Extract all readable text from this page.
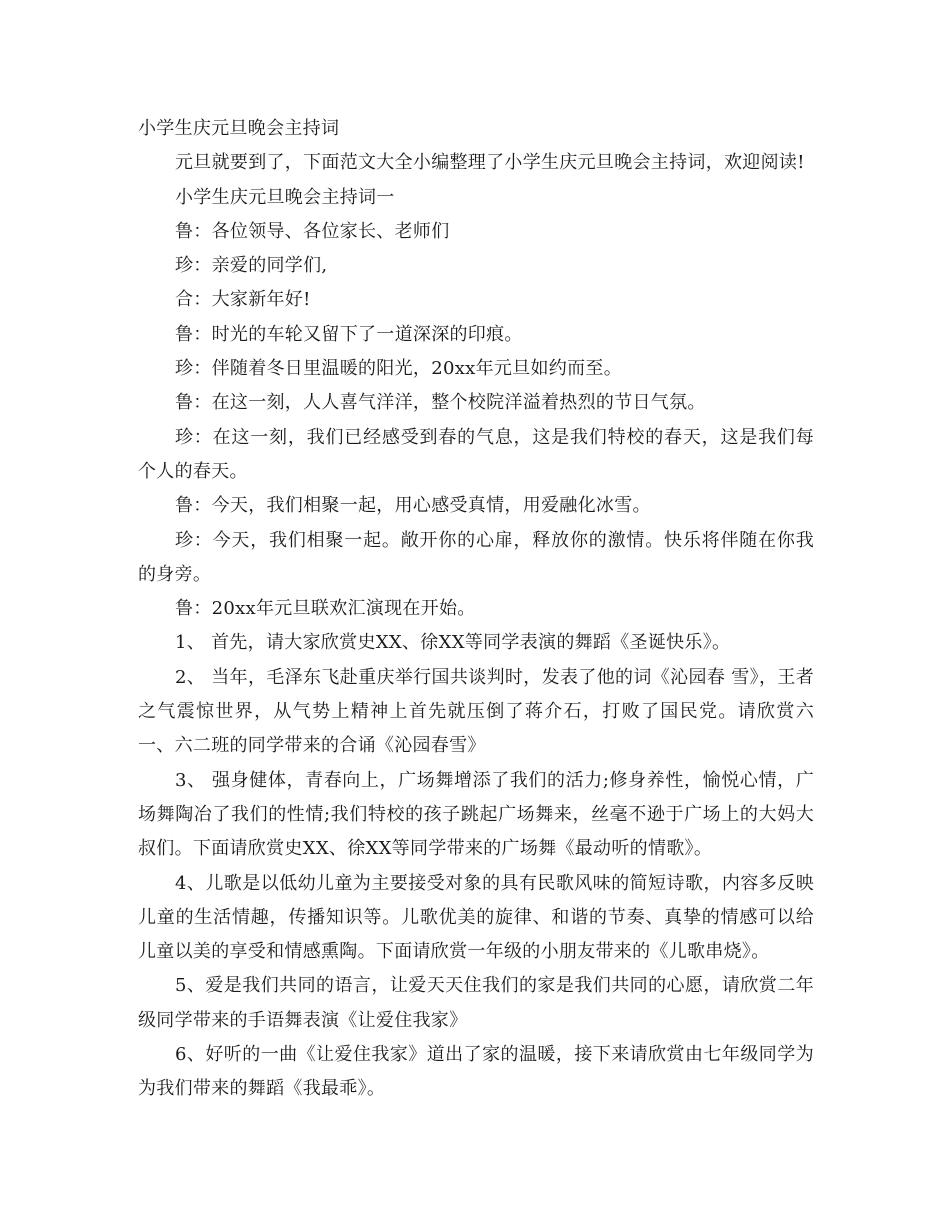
小学生庆元旦晚会主持词

元旦就要到了，下面范文大全小编整理了小学生庆元旦晚会主持词，欢迎阅读!

小学生庆元旦晚会主持词一

鲁：各位领导、各位家长、老师们

珍：亲爱的同学们,

合：大家新年好!

鲁：时光的车轮又留下了一道深深的印痕。

珍：伴随着冬日里温暖的阳光，20xx年元旦如约而至。

鲁：在这一刻，人人喜气洋洋，整个校院洋溢着热烈的节日气氛。

珍：在这一刻，我们已经感受到春的气息，这是我们特校的春天，这是我们每个人的春天。

鲁：今天，我们相聚一起，用心感受真情，用爱融化冰雪。

珍：今天，我们相聚一起。敞开你的心扉，释放你的激情。快乐将伴随在你我的身旁。

鲁：20xx年元旦联欢汇演现在开始。

1、 首先，请大家欣赏史XX、徐XX等同学表演的舞蹈《圣诞快乐》。

2、 当年，毛泽东飞赴重庆举行国共谈判时，发表了他的词《沁园春 雪》，王者之气震惊世界，从气势上精神上首先就压倒了蒋介石，打败了国民党。请欣赏六一、六二班的同学带来的合诵《沁园春雪》

3、 强身健体，青春向上，广场舞增添了我们的活力;修身养性，愉悦心情，广场舞陶冶了我们的性情;我们特校的孩子跳起广场舞来，丝毫不逊于广场上的大妈大叔们。下面请欣赏史XX、徐XX等同学带来的广场舞《最动听的情歌》。

4、儿歌是以低幼儿童为主要接受对象的具有民歌风味的简短诗歌，内容多反映儿童的生活情趣，传播知识等。儿歌优美的旋律、和谐的节奏、真挚的情感可以给儿童以美的享受和情感熏陶。下面请欣赏一年级的小朋友带来的《儿歌串烧》。

5、爱是我们共同的语言，让爱天天住我们的家是我们共同的心愿，请欣赏二年级同学带来的手语舞表演《让爱住我家》

6、好听的一曲《让爱住我家》道出了家的温暖，接下来请欣赏由七年级同学为为我们带来的舞蹈《我最乖》。
